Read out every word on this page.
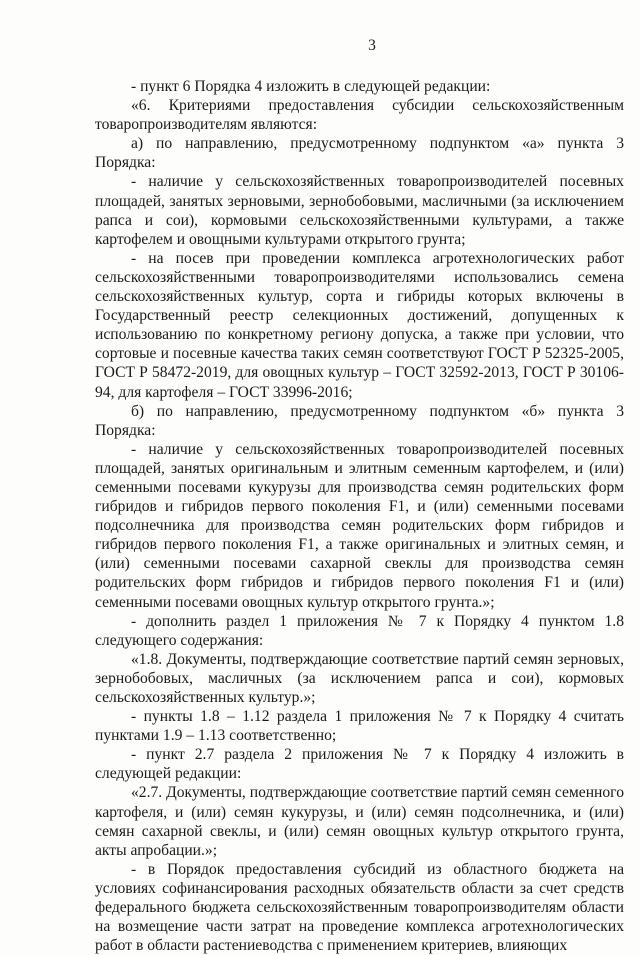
3

- пункт 6 Порядка 4 изложить в следующей редакции:

«6. Критериями предоставления субсидии сельскохозяйственным товаропроизводителям являются:

а) по направлению, предусмотренному подпунктом «а» пункта 3 Порядка:

- наличие у сельскохозяйственных товаропроизводителей посевных площадей, занятых зерновыми, зернобобовыми, масличными (за исключением рапса и сои), кормовыми сельскохозяйственными культурами, а также картофелем и овощными культурами открытого грунта;

- на посев при проведении комплекса агротехнологических работ сельскохозяйственными товаропроизводителями использовались семена сельскохозяйственных культур, сорта и гибриды которых включены в Государственный реестр селекционных достижений, допущенных к использованию по конкретному региону допуска, а также при условии, что сортовые и посевные качества таких семян соответствуют ГОСТ Р 52325-2005, ГОСТ Р 58472-2019, для овощных культур – ГОСТ 32592-2013, ГОСТ Р 30106-94, для картофеля – ГОСТ 33996-2016;

б) по направлению, предусмотренному подпунктом «б» пункта 3 Порядка:

- наличие у сельскохозяйственных товаропроизводителей посевных площадей, занятых оригинальным и элитным семенным картофелем, и (или) семенными посевами кукурузы для производства семян родительских форм гибридов и гибридов первого поколения F1, и (или) семенными посевами подсолнечника для производства семян родительских форм гибридов и гибридов первого поколения F1, а также оригинальных и элитных семян, и (или) семенными посевами сахарной свеклы для производства семян родительских форм гибридов и гибридов первого поколения F1 и (или) семенными посевами овощных культур открытого грунта.»;

- дополнить раздел 1 приложения № 7 к Порядку 4 пунктом 1.8 следующего содержания:

«1.8. Документы, подтверждающие соответствие партий семян зерновых, зернобобовых, масличных (за исключением рапса и сои), кормовых сельскохозяйственных культур.»;

- пункты 1.8 – 1.12 раздела 1 приложения № 7 к Порядку 4 считать пунктами 1.9 – 1.13 соответственно;

- пункт 2.7 раздела 2 приложения № 7 к Порядку 4 изложить в следующей редакции:

«2.7. Документы, подтверждающие соответствие партий семян семенного картофеля, и (или) семян кукурузы, и (или) семян подсолнечника, и (или) семян сахарной свеклы, и (или) семян овощных культур открытого грунта, акты апробации.»;

- в Порядок предоставления субсидий из областного бюджета на условиях софинансирования расходных обязательств области за счет средств федерального бюджета сельскохозяйственным товаропроизводителям области на возмещение части затрат на проведение комплекса агротехнологических работ в области растениеводства с применением критериев, влияющих
